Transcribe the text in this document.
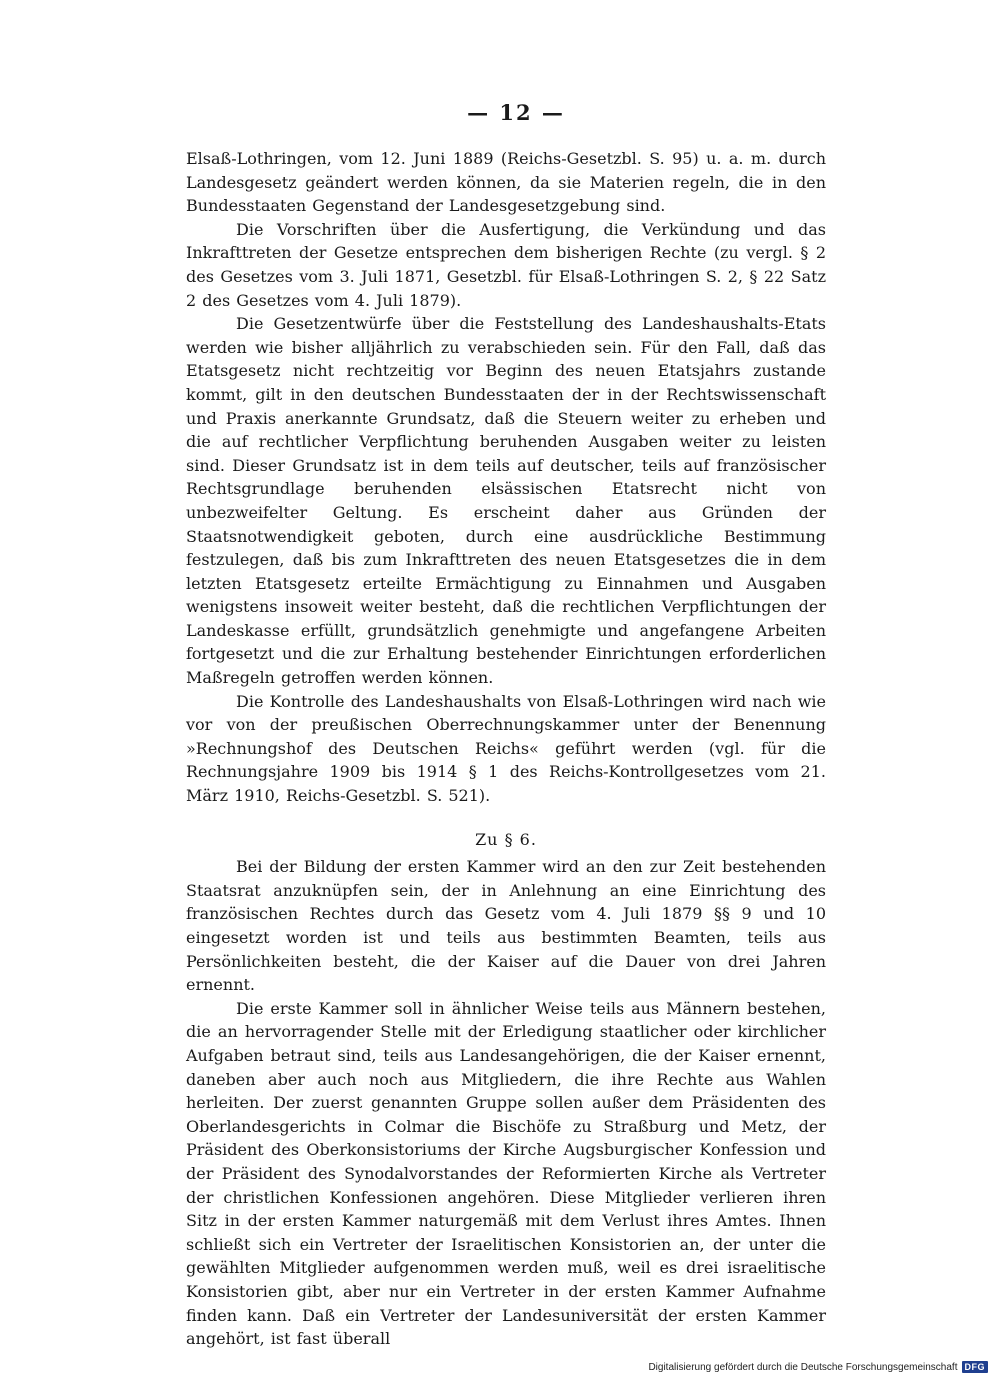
— 12 —

Elsaß-Lothringen, vom 12. Juni 1889 (Reichs-Gesetzbl. S. 95) u. a. m. durch Landesgesetz geändert werden können, da sie Materien regeln, die in den Bundesstaaten Gegenstand der Landesgesetzgebung sind.

Die Vorschriften über die Ausfertigung, die Verkündung und das Inkrafttreten der Gesetze entsprechen dem bisherigen Rechte (zu vergl. § 2 des Gesetzes vom 3. Juli 1871, Gesetzbl. für Elsaß-Lothringen S. 2, § 22 Satz 2 des Gesetzes vom 4. Juli 1879).

Die Gesetzentwürfe über die Feststellung des Landeshaushalts-Etats werden wie bisher alljährlich zu verabschieden sein. Für den Fall, daß das Etatsgesetz nicht rechtzeitig vor Beginn des neuen Etatsjahrs zustande kommt, gilt in den deutschen Bundesstaaten der in der Rechtswissenschaft und Praxis anerkannte Grundsatz, daß die Steuern weiter zu erheben und die auf rechtlicher Verpflichtung beruhenden Ausgaben weiter zu leisten sind. Dieser Grundsatz ist in dem teils auf deutscher, teils auf französischer Rechtsgrundlage beruhenden elsässischen Etatsrecht nicht von unbezweifelter Geltung. Es erscheint daher aus Gründen der Staatsnotwendigkeit geboten, durch eine ausdrückliche Bestimmung festzulegen, daß bis zum Inkrafttreten des neuen Etatsgesetzes die in dem letzten Etatsgesetz erteilte Ermächtigung zu Einnahmen und Ausgaben wenigstens insoweit weiter besteht, daß die rechtlichen Verpflichtungen der Landeskasse erfüllt, grundsätzlich genehmigte und angefangene Arbeiten fortgesetzt und die zur Erhaltung bestehender Einrichtungen erforderlichen Maßregeln getroffen werden können.

Die Kontrolle des Landeshaushalts von Elsaß-Lothringen wird nach wie vor von der preußischen Oberrechnungskammer unter der Benennung »Rechnungshof des Deutschen Reichs« geführt werden (vgl. für die Rechnungsjahre 1909 bis 1914 § 1 des Reichs-Kontrollgesetzes vom 21. März 1910, Reichs-Gesetzbl. S. 521).

Zu § 6.

Bei der Bildung der ersten Kammer wird an den zur Zeit bestehenden Staatsrat anzuknüpfen sein, der in Anlehnung an eine Einrichtung des französischen Rechtes durch das Gesetz vom 4. Juli 1879 §§ 9 und 10 eingesetzt worden ist und teils aus bestimmten Beamten, teils aus Persönlichkeiten besteht, die der Kaiser auf die Dauer von drei Jahren ernennt.

Die erste Kammer soll in ähnlicher Weise teils aus Männern bestehen, die an hervorragender Stelle mit der Erledigung staatlicher oder kirchlicher Aufgaben betraut sind, teils aus Landesangehörigen, die der Kaiser ernennt, daneben aber auch noch aus Mitgliedern, die ihre Rechte aus Wahlen herleiten. Der zuerst genannten Gruppe sollen außer dem Präsidenten des Oberlandesgerichts in Colmar die Bischöfe zu Straßburg und Metz, der Präsident des Oberkonsistoriums der Kirche Augsburgischer Konfession und der Präsident des Synodalvorstandes der Reformierten Kirche als Vertreter der christlichen Konfessionen angehören. Diese Mitglieder verlieren ihren Sitz in der ersten Kammer naturgemäß mit dem Verlust ihres Amtes. Ihnen schließt sich ein Vertreter der Israelitischen Konsistorien an, der unter die gewählten Mitglieder aufgenommen werden muß, weil es drei israelitische Konsistorien gibt, aber nur ein Vertreter in der ersten Kammer Aufnahme finden kann. Daß ein Vertreter der Landesuniversität der ersten Kammer angehört, ist fast überall

Digitalisierung gefördert durch die Deutsche Forschungsgemeinschaft DFG
